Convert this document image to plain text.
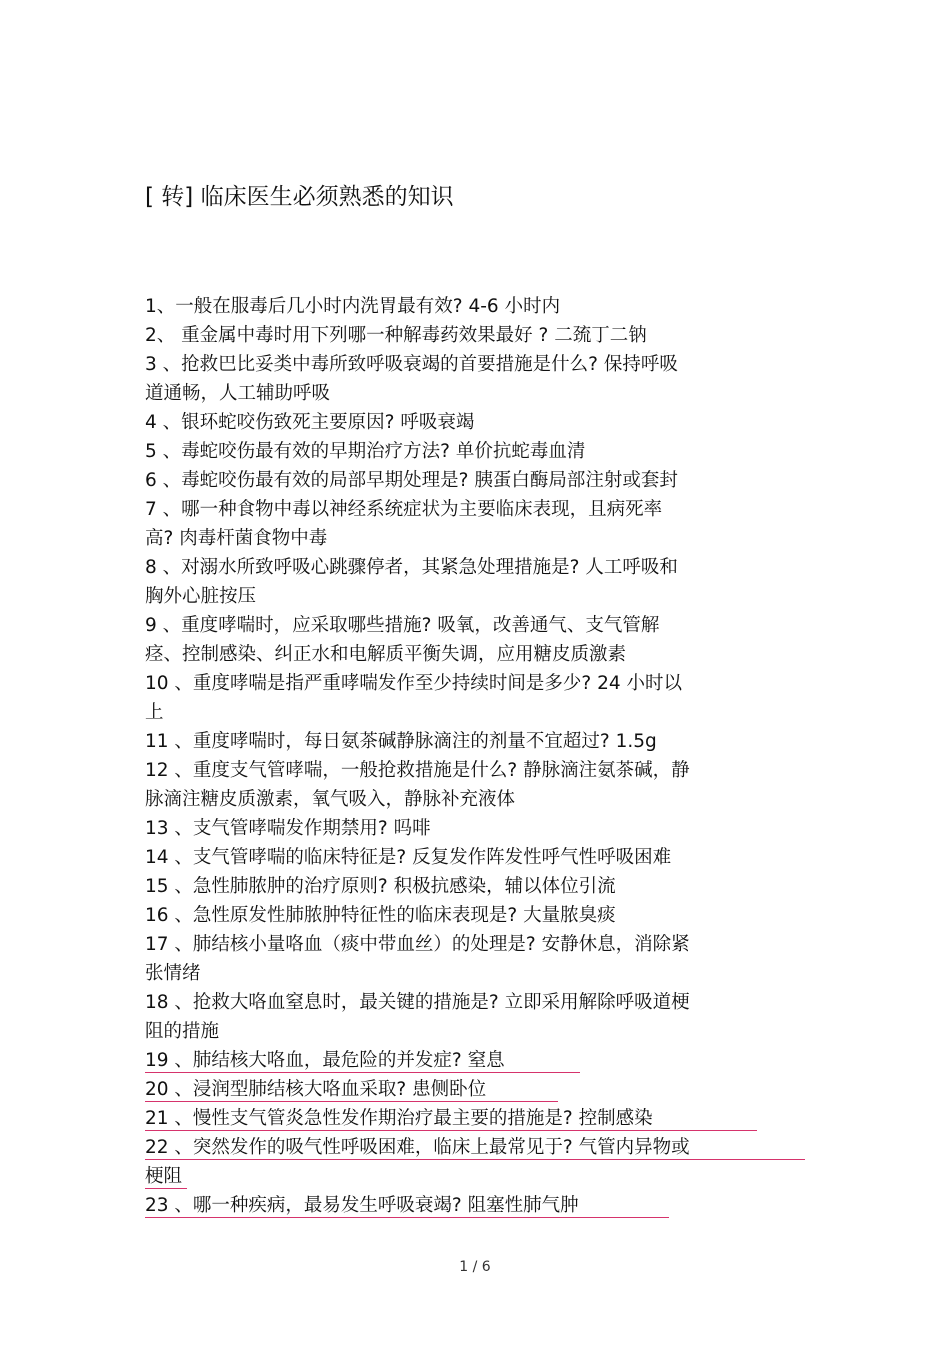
[ 转] 临床医生必须熟悉的知识
1、一般在服毒后几小时内洗胃最有效? 4-6 小时内
2、 重金属中毒时用下列哪一种解毒药效果最好 ? 二巯丁二钠
3 、抢救巴比妥类中毒所致呼吸衰竭的首要措施是什么? 保持呼吸
道通畅，人工辅助呼吸
4 、银环蛇咬伤致死主要原因? 呼吸衰竭
5 、毒蛇咬伤最有效的早期治疗方法? 单价抗蛇毒血清
6 、毒蛇咬伤最有效的局部早期处理是? 胰蛋白酶局部注射或套封
7 、哪一种食物中毒以神经系统症状为主要临床表现，且病死率
高? 肉毒杆菌食物中毒
8 、对溺水所致呼吸心跳骤停者，其紧急处理措施是? 人工呼吸和
胸外心脏按压
9 、重度哮喘时，应采取哪些措施? 吸氧，改善通气、支气管解
痉、控制感染、纠正水和电解质平衡失调，应用糖皮质激素
10 、重度哮喘是指严重哮喘发作至少持续时间是多少? 24 小时以
上
11 、重度哮喘时，每日氨茶碱静脉滴注的剂量不宜超过? 1.5g
12 、重度支气管哮喘，一般抢救措施是什么? 静脉滴注氨茶碱，静
脉滴注糖皮质激素，氧气吸入，静脉补充液体
13 、支气管哮喘发作期禁用? 吗啡
14 、支气管哮喘的临床特征是? 反复发作阵发性呼气性呼吸困难
15 、急性肺脓肿的治疗原则? 积极抗感染，辅以体位引流
16 、急性原发性肺脓肿特征性的临床表现是? 大量脓臭痰
17 、肺结核小量咯血（痰中带血丝）的处理是? 安静休息，消除紧
张情绪
18 、抢救大咯血窒息时，最关键的措施是? 立即采用解除呼吸道梗
阻的措施
19 、肺结核大咯血，最危险的并发症? 窒息
20 、浸润型肺结核大咯血采取? 患侧卧位
21 、慢性支气管炎急性发作期治疗最主要的措施是? 控制感染
22 、突然发作的吸气性呼吸困难，临床上最常见于? 气管内异物或
梗阻
23 、哪一种疾病，最易发生呼吸衰竭? 阻塞性肺气肿
1 / 6
